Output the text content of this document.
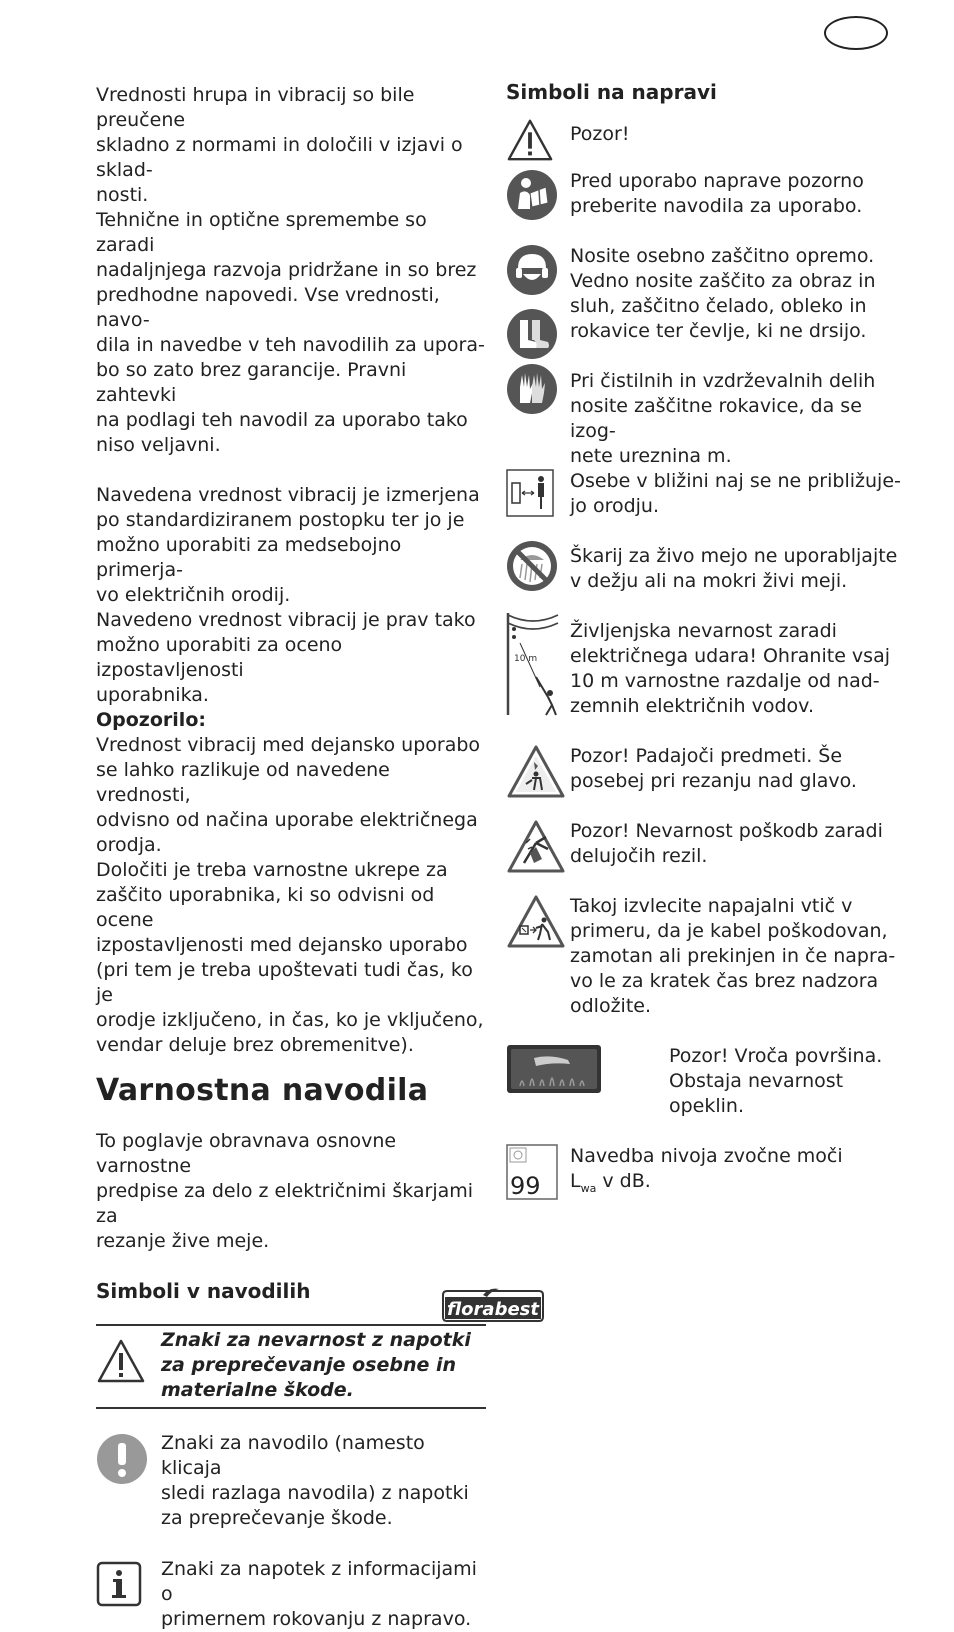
Vrednosti hrupa in vibracij so bile preučene

skladno z normami in določili v izjavi o sklad-

nosti.

Tehnične in optične spremembe so zaradi

nadaljnjega razvoja pridržane in so brez

predhodne napovedi. Vse vrednosti, navo-

dila in navedbe v teh navodilih za upora-

bo so zato brez garancije. Pravni zahtevki

na podlagi teh navodil za uporabo tako

niso veljavni.

Navedena vrednost vibracij je izmerjena

po standardiziranem postopku ter jo je

možno uporabiti za medsebojno primerja-

vo električnih orodij.

Navedeno vrednost vibracij je prav tako

možno uporabiti za oceno izpostavljenosti

uporabnika.

Opozorilo:

Vrednost vibracij med dejansko uporabo

se lahko razlikuje od navedene vrednosti,

odvisno od načina uporabe električnega

orodja.

Določiti je treba varnostne ukrepe za

zaščito uporabnika, ki so odvisni od ocene

izpostavljenosti med dejansko uporabo

(pri tem je treba upoštevati tudi čas, ko je

orodje izključeno, in čas, ko je vključeno,

vendar deluje brez obremenitve).

Varnostna navodila

To poglavje obravnava osnovne varnostne

predpise za delo z električnimi škarjami za

rezanje žive meje.

Simboli v navodilih

Znaki za nevarnost z napotki

za preprečevanje osebne in

materialne škode.

Znaki za navodilo (namesto klicaja

sledi razlaga navodila) z napotki

za preprečevanje škode.

Znaki za napotek z informacijami o

primernem rokovanju z napravo.

Simboli na napravi

Pozor!

Pred uporabo naprave pozorno

preberite navodila za uporabo.

Nosite osebno zaščitno opremo.

Vedno nosite zaščito za obraz in

sluh, zaščitno čelado, obleko in

rokavice ter čevlje, ki ne drsijo.

Pri čistilnih in vzdrževalnih delih

nosite zaščitne rokavice, da se izog-

nete ureznina m.

Osebe v bližini naj se ne približuje-

jo orodju.

Škarij za živo mejo ne uporabljajte

v dežju ali na mokri živi meji.

10 m

Življenjska nevarnost zaradi

električnega udara! Ohranite vsaj

10 m varnostne razdalje od nad-

zemnih električnih vodov.

Pozor! Padajoči predmeti. Še

posebej pri rezanju nad glavo.

Pozor! Nevarnost poškodb zaradi

delujočih rezil.

Takoj izvlecite napajalni vtič v

primeru, da je kabel poškodovan,

zamotan ali prekinjen in če napra-

vo le za kratek čas brez nadzora

odložite.

Pozor! Vroča površina.

Obstaja nevarnost

opeklin.

99

Navedba nivoja zvočne moči

$L_{wa}$ v dB.

florabest
